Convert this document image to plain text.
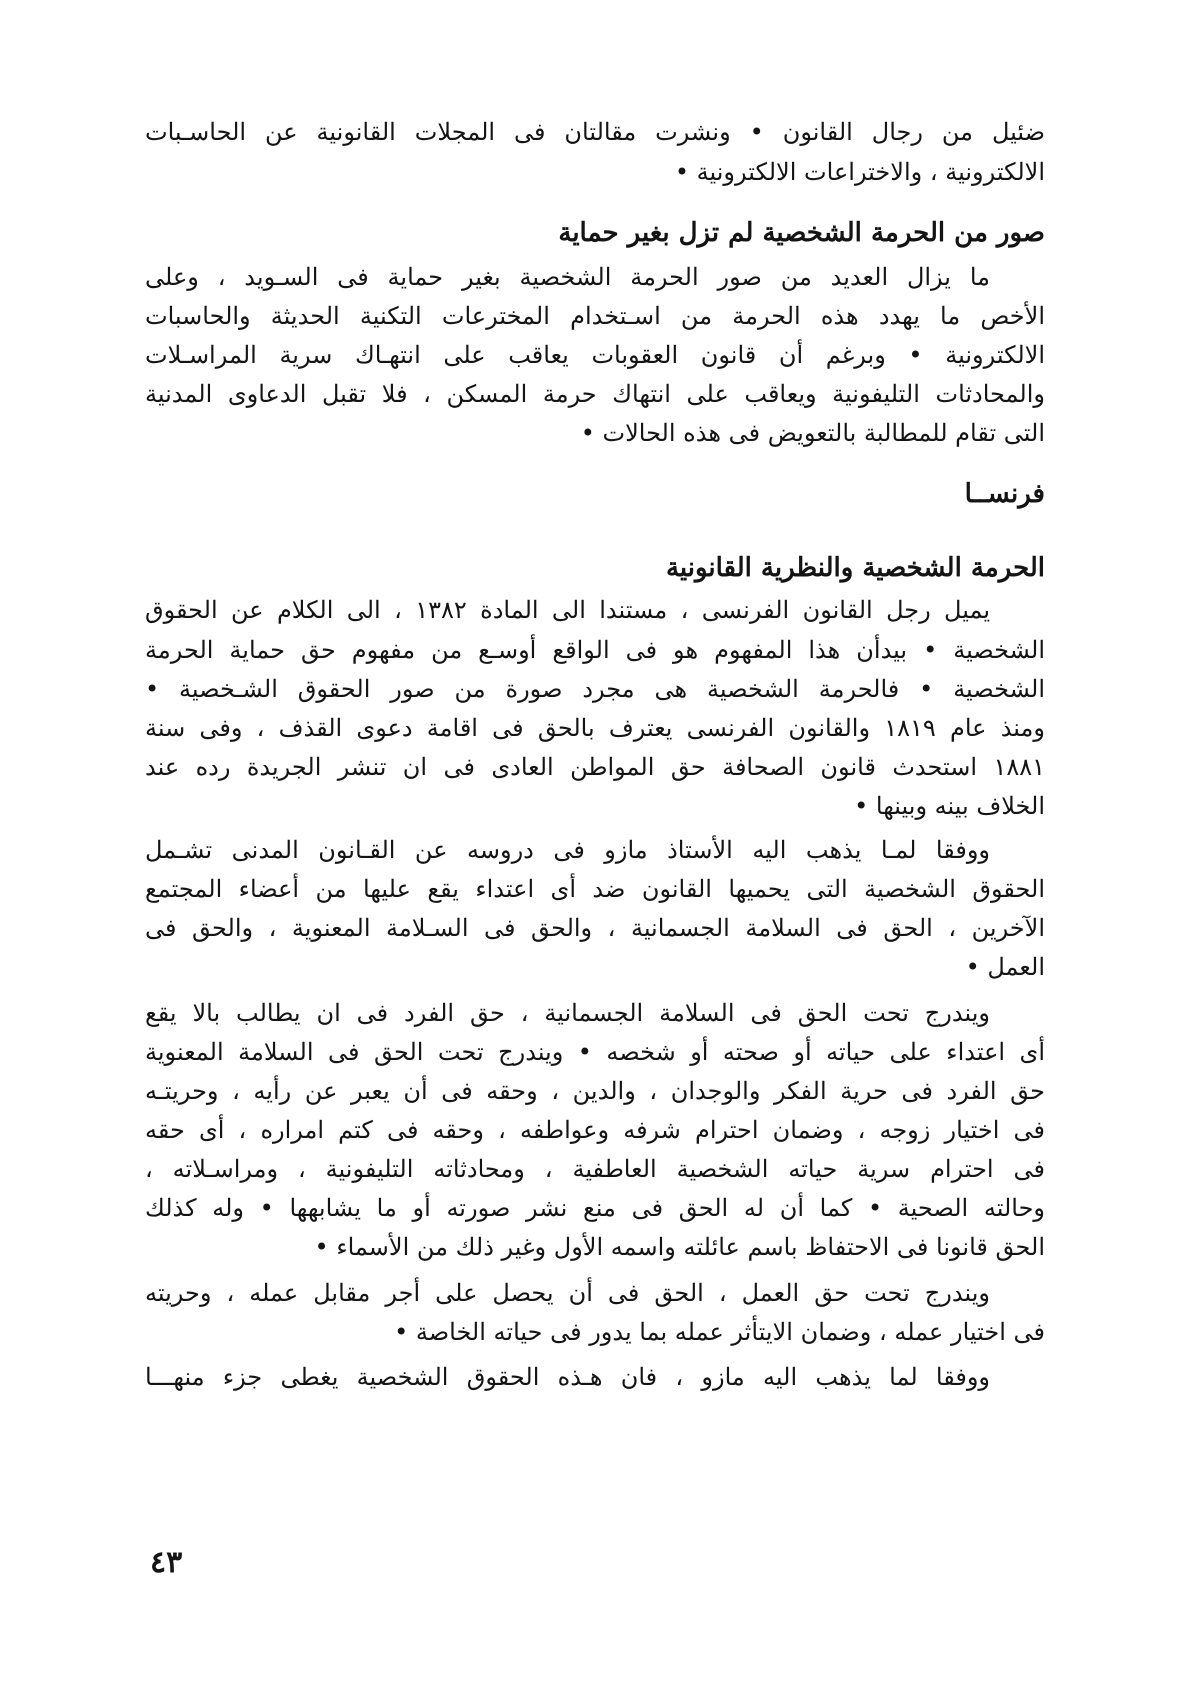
ضئيل من رجال القانون • ونشرت مقالتان فى المجلات القانونية عن الحاسـبات
الالكترونية ، والاختراعات الالكترونية •
صور من الحرمة الشخصية لم تزل بغير حماية
ما يزال العديد من صور الحرمة الشخصية بغير حماية فى السـويد ، وعلى
الأخص ما يهدد هذه الحرمة من اسـتخدام المخترعات التكنية الحديثة والحاسبات
الالكترونية • وبرغم أن قانون العقوبات يعاقب على انتهـاك سرية المراسـلات
والمحادثات التليفونية ويعاقب على انتهاك حرمة المسكن ، فلا تقبل الدعاوى المدنية
التى تقام للمطالبة بالتعويض فى هذه الحالات •
فرنســا
الحرمة الشخصية والنظرية القانونية
يميل رجل القانون الفرنسى ، مستندا الى المادة ١٣٨٢ ، الى الكلام عن الحقوق
الشخصية • بيدأن هذا المفهوم هو فى الواقع أوسـع من مفهوم حق حماية الحرمة
الشخصية • فالحرمة الشخصية هى مجرد صورة من صور الحقوق الشـخصية •
ومنذ عام ١٨١٩ والقانون الفرنسى يعترف بالحق فى اقامة دعوى القذف ، وفى سنة
١٨٨١ استحدث قانون الصحافة حق المواطن العادى فى ان تنشر الجريدة رده عند
الخلاف بينه وبينها •
ووفقا لمـا يذهب اليه الأستاذ مازو فى دروسه عن القـانون المدنى تشـمل
الحقوق الشخصية التى يحميها القانون ضد أى اعتداء يقع عليها من أعضاء المجتمع
الآخرين ، الحق فى السلامة الجسمانية ، والحق فى السـلامة المعنوية ، والحق فى
العمل •
ويندرج تحت الحق فى السلامة الجسمانية ، حق الفرد فى ان يطالب بالا يقع
أى اعتداء على حياته أو صحته أو شخصه • ويندرج تحت الحق فى السلامة المعنوية
حق الفرد فى حرية الفكر والوجدان ، والدين ، وحقه فى أن يعبر عن رأيه ، وحريتـه
فى اختيار زوجه ، وضمان احترام شرفه وعواطفه ، وحقه فى كتم امراره ، أى حقه
فى احترام سرية حياته الشخصية العاطفية ، ومحادثاته التليفونية ، ومراسـلاته ،
وحالته الصحية • كما أن له الحق فى منع نشر صورته أو ما يشابهها • وله كذلك
الحق قانونا فى الاحتفاظ باسم عائلته واسمه الأول وغير ذلك من الأسماء •
ويندرج تحت حق العمل ، الحق فى أن يحصل على أجر مقابل عمله ، وحريته
فى اختيار عمله ، وضمان الايتأثر عمله بما يدور فى حياته الخاصة •
ووفقا لما يذهب اليه مازو ، فان هـذه الحقوق الشخصية يغطى جزء منهـــا
٤٣
